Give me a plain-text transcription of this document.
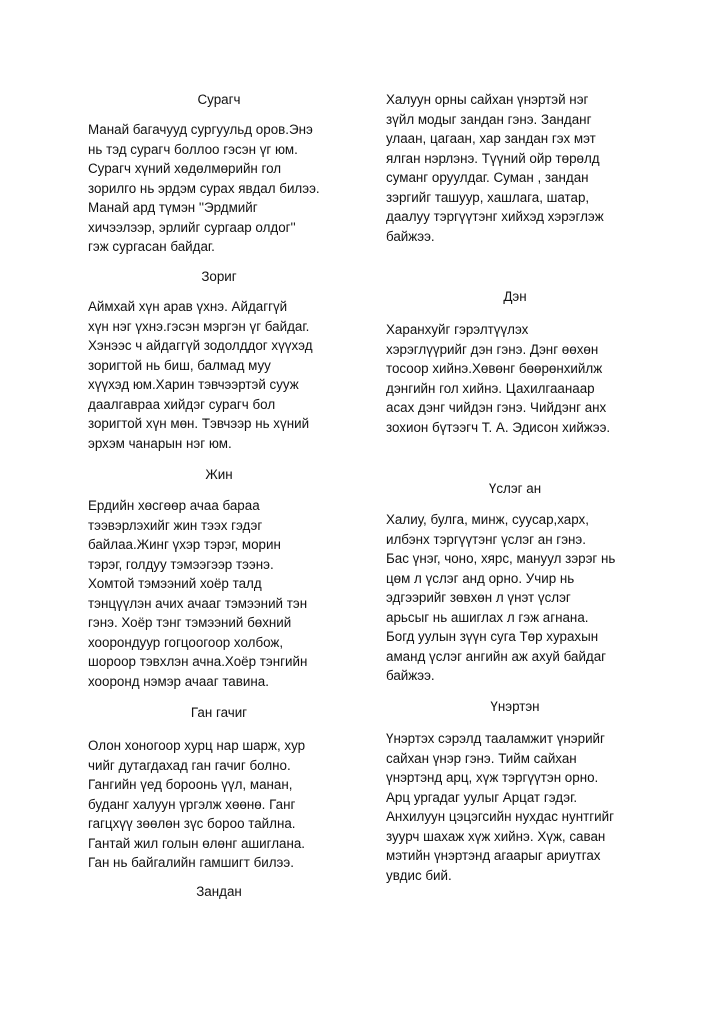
Сурагч
Манай багачууд сургуульд оров.Энэ
нь тэд сурагч боллоо гэсэн үг юм.
Сурагч хүний хөдөлмөрийн гол
зорилго нь эрдэм сурах явдал билээ.
Манай ард түмэн ''Эрдмийг
хичээлээр, эрлийг сургаар олдог''
гэж сургасан байдаг.
Зориг
Аймхай хүн арав үхнэ. Айдаггүй
хүн нэг үхнэ.гэсэн мэргэн үг байдаг.
Хэнээс ч айдаггүй зодолддог хүүхэд
зоригтой нь биш, балмад муу
хүүхэд юм.Харин тэвчээртэй сууж
даалгавраа хийдэг сурагч бол
зоригтой хүн мөн. Тэвчээр нь хүний
эрхэм чанарын нэг юм.
Жин
Ердийн хөсгөөр ачаа бараа
тээвэрлэхийг жин тээх гэдэг
байлаа.Жинг үхэр тэрэг, морин
тэрэг, голдуу тэмээгээр тээнэ.
Хомтой тэмээний хоёр талд
тэнцүүлэн ачих ачааг тэмээний тэн
гэнэ. Хоёр тэнг тэмээний бөхний
хоорондуур гогцоогоор холбож,
шороор тэвхлэн ачна.Хоёр тэнгийн
хооронд нэмэр ачааг тавина.
Ган гачиг
Олон хоногоор хурц нар шарж, хур
чийг дутагдахад ган гачиг болно.
Гангийн үед бороонь үүл, манан,
буданг халуун үргэлж хөөнө. Ганг
гагцхүү зөөлөн зүс бороо тайлна.
Гантай жил голын өлөнг ашиглана.
Ган нь байгалийн гамшигт билээ.
Зандан
Халуун орны сайхан үнэртэй нэг
зүйл модыг зандан гэнэ. Занданг
улаан, цагаан, хар зандан гэх мэт
ялган нэрлэнэ. Түүний ойр төрөлд
суманг оруулдаг. Суман , зандан
зэргийг ташуур, хашлага, шатар,
даалуу тэргүүтэнг хийхэд хэрэглэж
байжээ.
Дэн
Харанхуйг гэрэлтүүлэх
хэрэглүүрийг дэн гэнэ. Дэнг өөхөн
тосоор хийнэ.Хөвөнг бөөрөнхийлж
дэнгийн гол хийнэ. Цахилгаанаар
асах дэнг чийдэн гэнэ. Чийдэнг анх
зохион бүтээгч Т. А. Эдисон хийжээ.
Үслэг ан
Халиу, булга, минж, суусар,харх,
илбэнх тэргүүтэнг үслэг ан гэнэ.
Бас үнэг, чоно, хярс, мануул зэрэг нь
цөм л үслэг анд орно. Учир нь
эдгээрийг зөвхөн л үнэт үслэг
арьсыг нь ашиглах л гэж агнана.
Богд уулын зүүн суга Төр хурахын
аманд үслэг ангийн аж ахуй байдаг
байжээ.
Үнэртэн
Үнэртэх сэрэлд тааламжит үнэрийг
сайхан үнэр гэнэ. Тийм сайхан
үнэртэнд арц, хүж тэргүүтэн орно.
Арц ургадаг уулыг Арцат гэдэг.
Анхилуун цэцэгсийн нухдас нунтгийг
зуурч шахаж хүж хийнэ. Хүж, саван
мэтийн үнэртэнд агаарыг ариутгах
увдис бий.
